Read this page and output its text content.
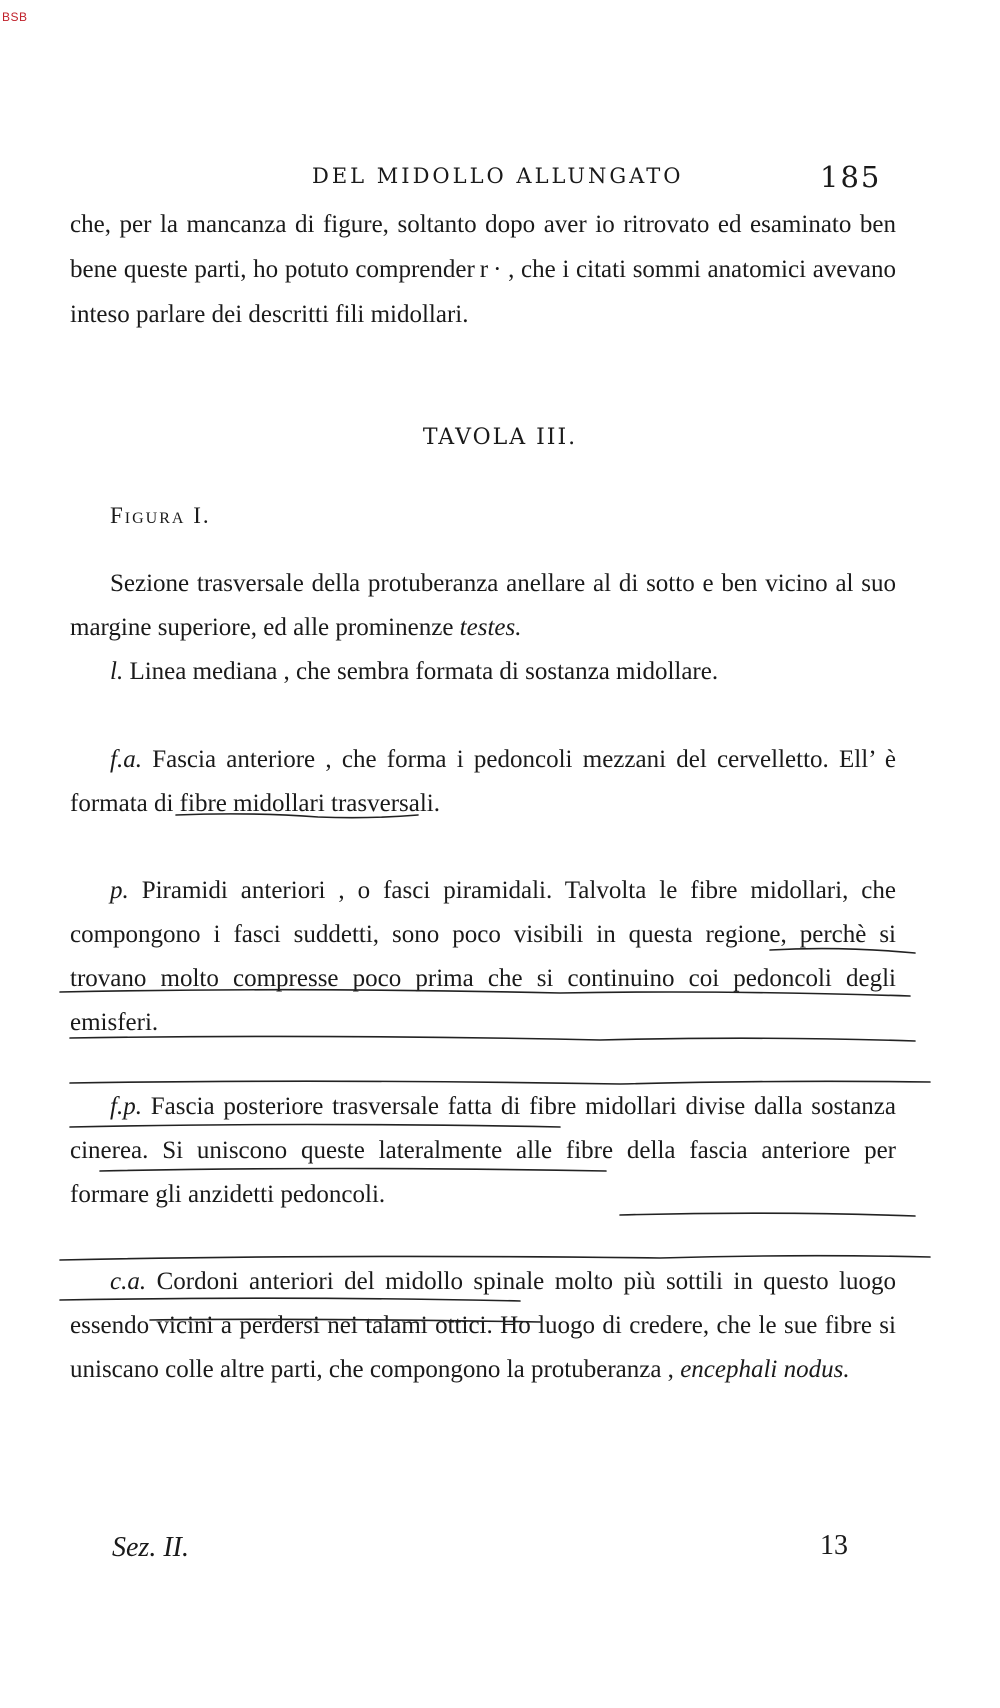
BSB
DEL MIDOLLO ALLUNGATO	185
che, per la mancanza di figure, soltanto dopo aver io ritrovato ed esaminato ben bene queste parti, ho potuto comprender r · , che i citati sommi anatomici avevano inteso parlare dei descritti fili midollari.
TAVOLA III.
Figura I.
Sezione trasversale della protuberanza anellare al di sotto e ben vicino al suo margine superiore, ed alle prominenze testes.
l. Linea mediana , che sembra formata di sostanza midollare.
f.a. Fascia anteriore , che forma i pedoncoli mezzani del cervelletto. Ell’ è formata di fibre midollari trasversali.
p. Piramidi anteriori , o fasci piramidali. Talvolta le fibre midollari, che compongono i fasci suddetti, sono poco visibili in questa regione, perchè si trovano molto compresse poco prima che si continuino coi pedoncoli degli emisferi.
f.p. Fascia posteriore trasversale fatta di fibre midollari divise dalla sostanza cinerea. Si uniscono queste lateralmente alle fibre della fascia anteriore per formare gli anzidetti pedoncoli.
c.a. Cordoni anteriori del midollo spinale molto più sottili in questo luogo essendo vicini a perdersi nei talami ottici. Ho luogo di credere, che le sue fibre si uniscano colle altre parti, che compongono la protuberanza , encephali nodus.
Sez. II.	13
